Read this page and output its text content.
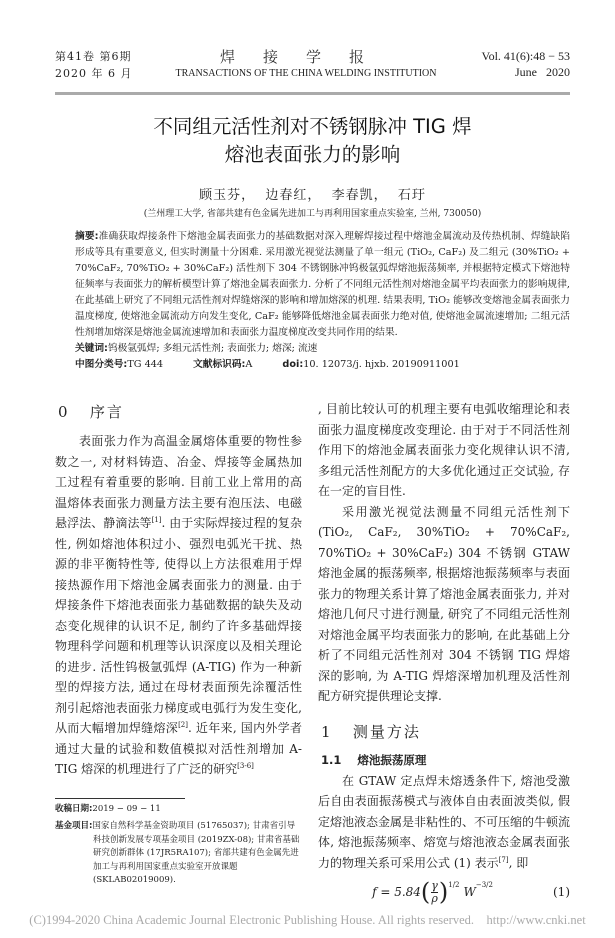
第41卷 第6期
2020 年 6 月
焊接学报
TRANSACTIONS OF THE CHINA WELDING INSTITUTION
Vol. 41(6):48 − 53
June   2020
不同组元活性剂对不锈钢脉冲 TIG 焊
熔池表面张力的影响
顾玉芬，  边春红，  李春凯，  石玗
(兰州理工大学, 省部共建有色金属先进加工与再利用国家重点实验室, 兰州, 730050)
摘要:准确获取焊接条件下熔池金属表面张力的基础数据对深入理解焊接过程中熔池金属流动及传热机制、焊缝缺陷形成等具有重要意义, 但实时测量十分困难. 采用激光视觉法测量了单一组元 (TiO₂, CaF₂) 及二组元 (30%TiO₂ + 70%CaF₂, 70%TiO₂ + 30%CaF₂) 活性剂下 304 不锈钢脉冲钨极氩弧焊熔池振荡频率, 并根据特定模式下熔池特征频率与表面张力的解析模型计算了熔池金属表面张力. 分析了不同组元活性剂对熔池金属平均表面张力的影响规律, 在此基础上研究了不同组元活性剂对焊缝熔深的影响和增加熔深的机理. 结果表明, TiO₂ 能够改变熔池金属表面张力温度梯度, 使熔池金属流动方向发生变化, CaF₂ 能够降低熔池金属表面张力绝对值, 使熔池金属流速增加; 二组元活性剂增加熔深是熔池金属流速增加和表面张力温度梯度改变共同作用的结果.
关键词:钨极氩弧焊; 多组元活性剂; 表面张力; 熔深; 流速
中图分类号:TG 444	文献标识码:A	doi:10. 12073/j. hjxb. 20190911001
0   序言

表面张力作为高温金属熔体重要的物性参数之一, 对材料铸造、冶金、焊接等金属热加工过程有着重要的影响. 目前工业上常用的高温熔体表面张力测量方法主要有泡压法、电磁悬浮法、静滴法等[1]. 由于实际焊接过程的复杂性, 例如熔池体积过小、强烈电弧光干扰、热源的非平衡特性等, 使得以上方法很难用于焊接热源作用下熔池金属表面张力的测量. 由于焊接条件下熔池表面张力基础数据的缺失及动态变化规律的认识不足, 制约了许多基础焊接物理科学问题和机理等认识深度以及相关理论的进步. 活性钨极氩弧焊 (A-TIG) 作为一种新型的焊接方法, 通过在母材表面预先涂覆活性剂引起熔池表面张力梯度或电弧行为发生变化, 从而大幅增加焊缝熔深[2]. 近年来, 国内外学者通过大量的试验和数值模拟对活性剂增加 A-TIG 熔深的机理进行了广泛的研究[3-6]

收稿日期:2019 − 09 − 11
基金项目:国家自然科学基金资助项目 (51765037); 甘肃省引导科技创新发展专项基金项目 (2019ZX-08); 甘肃省基础研究创新群体 (17JR5RA107); 省部共建有色金属先进加工与再利用国家重点实验室开放课题 (SKLAB02019009).

, 目前比较认可的机理主要有电弧收缩理论和表面张力温度梯度改变理论. 由于对于不同活性剂作用下的熔池金属表面张力变化规律认识不清, 多组元活性剂配方的大多优化通过正交试验, 存在一定的盲目性.

采用激光视觉法测量不同组元活性剂下 (TiO₂, CaF₂, 30%TiO₂ + 70%CaF₂, 70%TiO₂ + 30%CaF₂) 304 不锈钢 GTAW 熔池金属的振荡频率, 根据熔池振荡频率与表面张力的物理关系计算了熔池金属表面张力, 并对熔池几何尺寸进行测量, 研究了不同组元活性剂对熔池金属平均表面张力的影响, 在此基础上分析了不同组元活性剂对 304 不锈钢 TIG 焊熔深的影响, 为 A-TIG 焊熔深增加机理及活性剂配方研究提供理论支撑.

1   测量方法
1.1    熔池振荡原理

在 GTAW 定点焊未熔透条件下, 熔池受激后自由表面振荡模式与液体自由表面波类似, 假定熔池液态金属是非粘性的、不可压缩的牛顿流体, 熔池振荡频率、熔宽与熔池液态金属表面张力的物理关系可采用公式 (1) 表示[7], 即

f = 5.84 ( $\frac{\gamma}{\rho}$ ) 1/2 W −3/2	(1)
(C)1994-2020 China Academic Journal Electronic Publishing House. All rights reserved.    http://www.cnki.net
